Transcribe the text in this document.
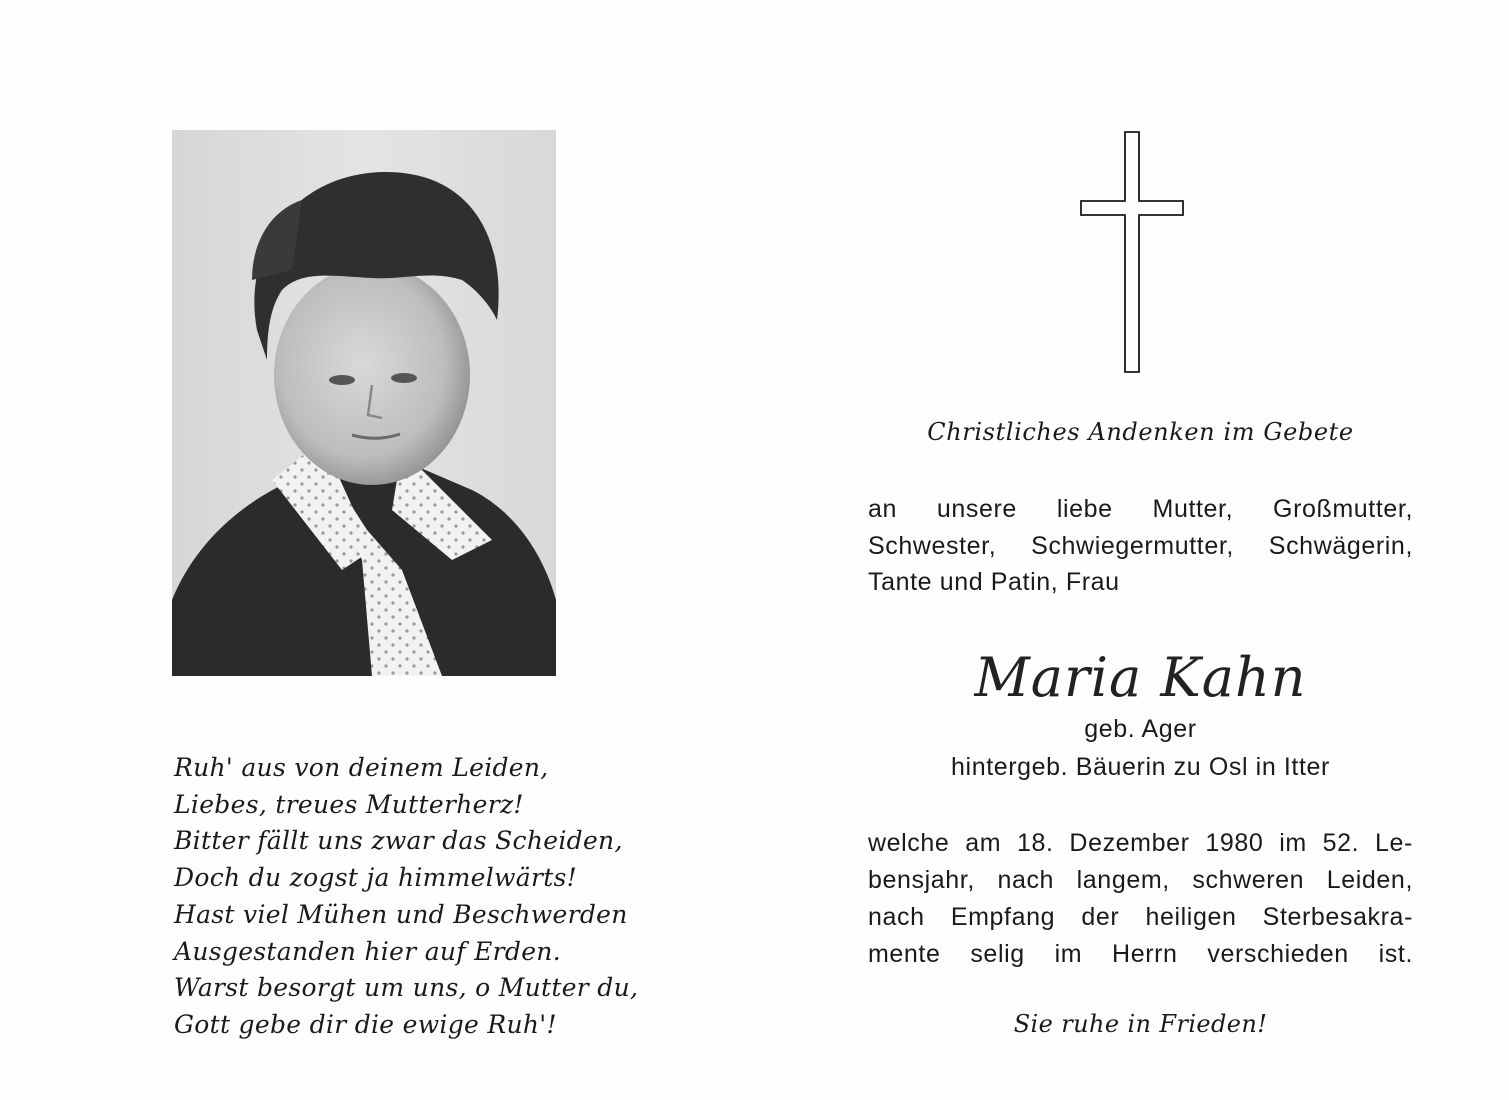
Ruh' aus von deinem Leiden,
Liebes, treues Mutterherz!
Bitter fällt uns zwar das Scheiden,
Doch du zogst ja himmelwärts!
Hast viel Mühen und Beschwerden
Ausgestanden hier auf Erden.
Warst besorgt um uns, o Mutter du,
Gott gebe dir die ewige Ruh'!
Christliches Andenken im Gebete
an unsere liebe Mutter, Großmutter,
Schwester, Schwiegermutter, Schwägerin,
Tante und Patin, Frau
Maria Kahn
geb. Ager
hintergeb. Bäuerin zu Osl in Itter
welche am 18. Dezember 1980 im 52. Le-
bensjahr, nach langem, schweren Leiden,
nach Empfang der heiligen Sterbesakra-
mente selig im Herrn verschieden ist.
Sie ruhe in Frieden!
